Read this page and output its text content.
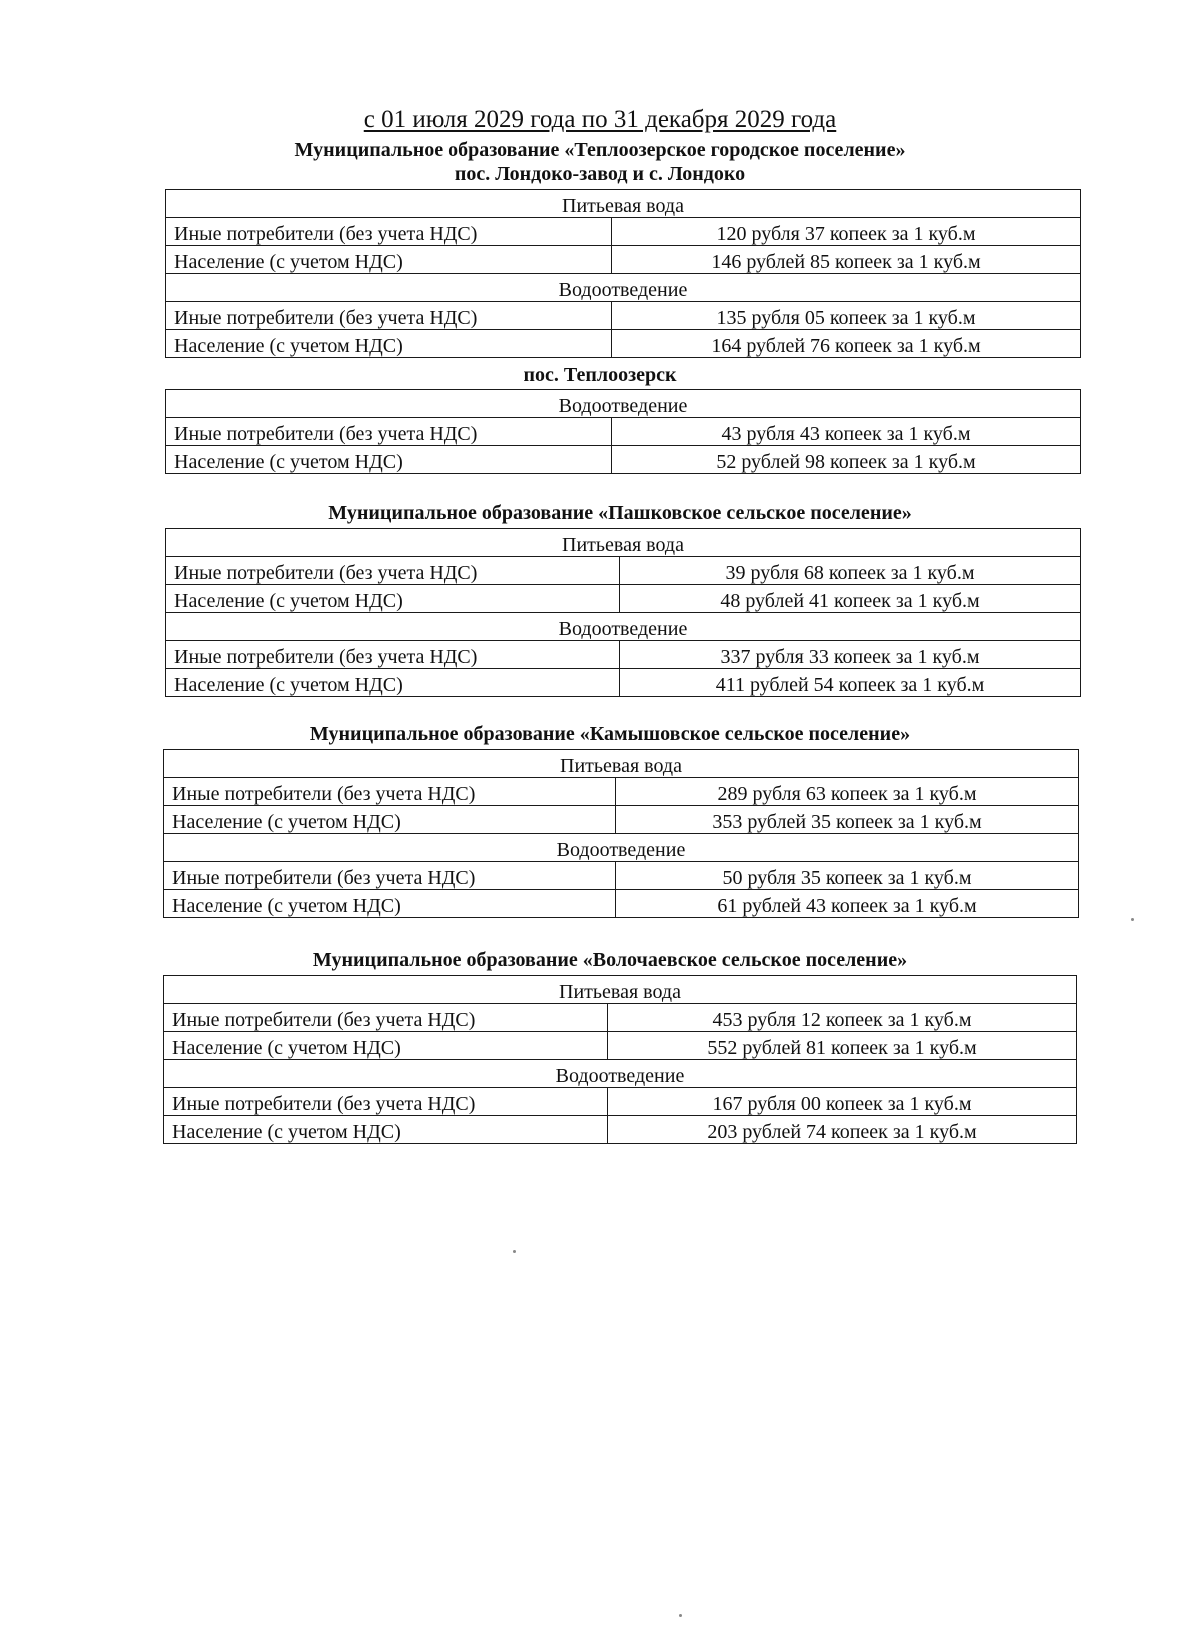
с 01 июля 2029 года по 31 декабря 2029 года
Муниципальное образование «Теплоозерское городское поселение»
пос. Лондоко-завод и с. Лондоко
Питьевая вода	
Иные потребители (без учета НДС)	120 рубля 37 копеек за 1 куб.м
Население (с учетом НДС)	146 рублей 85 копеек за 1 куб.м
Водоотведение	
Иные потребители (без учета НДС)	135 рубля 05 копеек за 1 куб.м
Население (с учетом НДС)	164 рублей 76 копеек за 1 куб.м
пос. Теплоозерск
Водоотведение	
Иные потребители (без учета НДС)	43 рубля 43 копеек за 1 куб.м
Население (с учетом НДС)	52 рублей 98 копеек за 1 куб.м
Муниципальное образование «Пашковское сельское поселение»
Питьевая вода	
Иные потребители (без учета НДС)	39 рубля 68 копеек за 1 куб.м
Население (с учетом НДС)	48 рублей 41 копеек за 1 куб.м
Водоотведение	
Иные потребители (без учета НДС)	337 рубля 33 копеек за 1 куб.м
Население (с учетом НДС)	411 рублей 54 копеек за 1 куб.м
Муниципальное образование «Камышовское сельское поселение»
Питьевая вода	
Иные потребители (без учета НДС)	289 рубля 63 копеек за 1 куб.м
Население (с учетом НДС)	353 рублей 35 копеек за 1 куб.м
Водоотведение	
Иные потребители (без учета НДС)	50 рубля 35 копеек за 1 куб.м
Население (с учетом НДС)	61 рублей 43 копеек за 1 куб.м
Муниципальное образование «Волочаевское сельское поселение»
Питьевая вода	
Иные потребители (без учета НДС)	453 рубля 12 копеек за 1 куб.м
Население (с учетом НДС)	552 рублей 81 копеек за 1 куб.м
Водоотведение	
Иные потребители (без учета НДС)	167 рубля 00 копеек за 1 куб.м
Население (с учетом НДС)	203 рублей 74 копеек за 1 куб.м
